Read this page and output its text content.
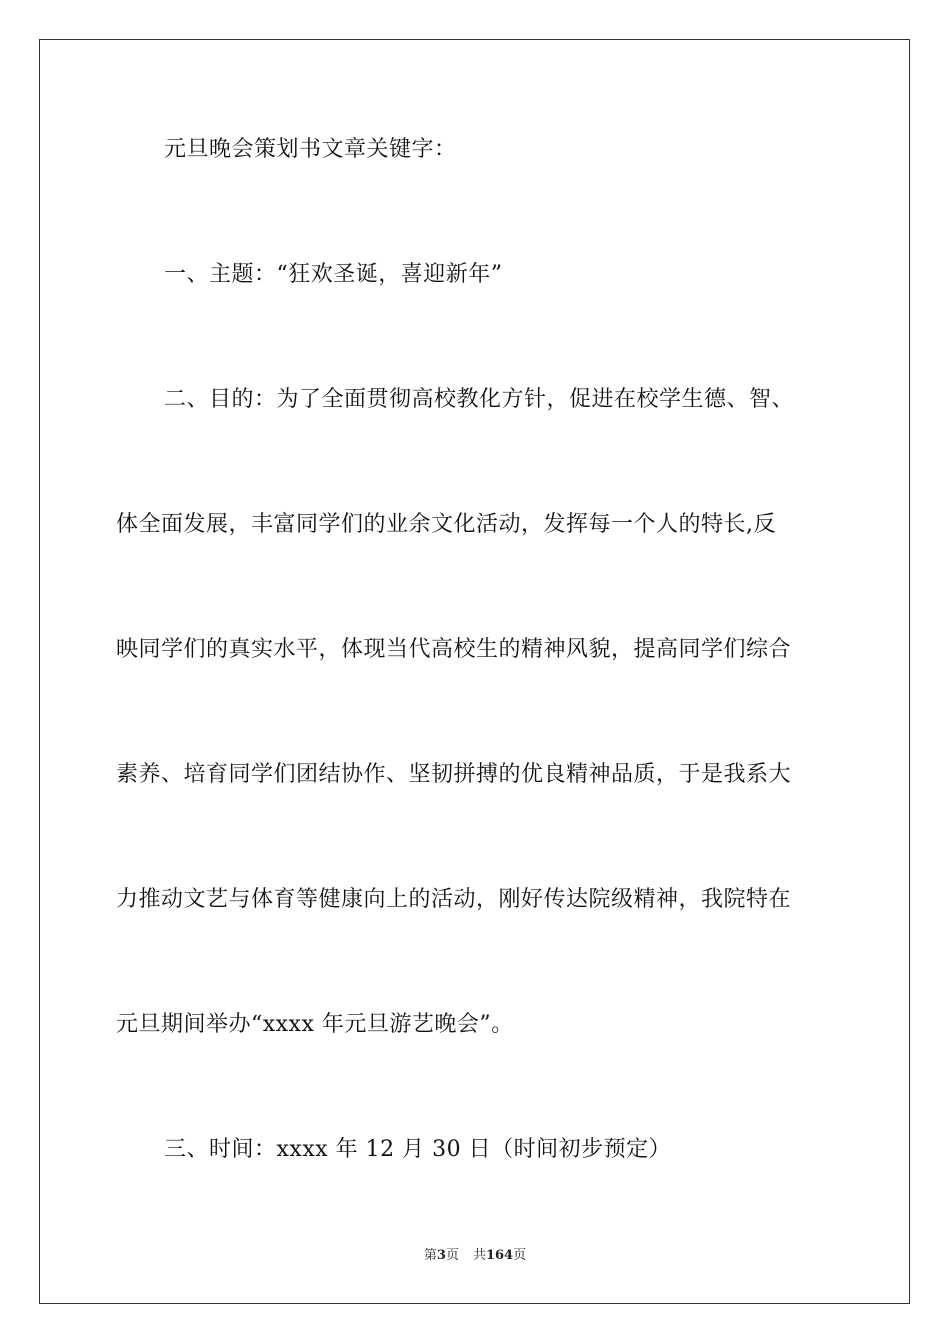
元旦晚会策划书文章关键字：
一、主题：“狂欢圣诞，喜迎新年”
二、目的：为了全面贯彻高校教化方针，促进在校学生德、智、
体全面发展，丰富同学们的业余文化活动，发挥每一个人的特长,反
映同学们的真实水平，体现当代高校生的精神风貌，提高同学们综合
素养、培育同学们团结协作、坚韧拼搏的优良精神品质，于是我系大
力推动文艺与体育等健康向上的活动，刚好传达院级精神，我院特在
元旦期间举办“xxxx 年元旦游艺晚会”。
三、时间：xxxx 年 12 月 30 日（时间初步预定）
第3页 共164页
